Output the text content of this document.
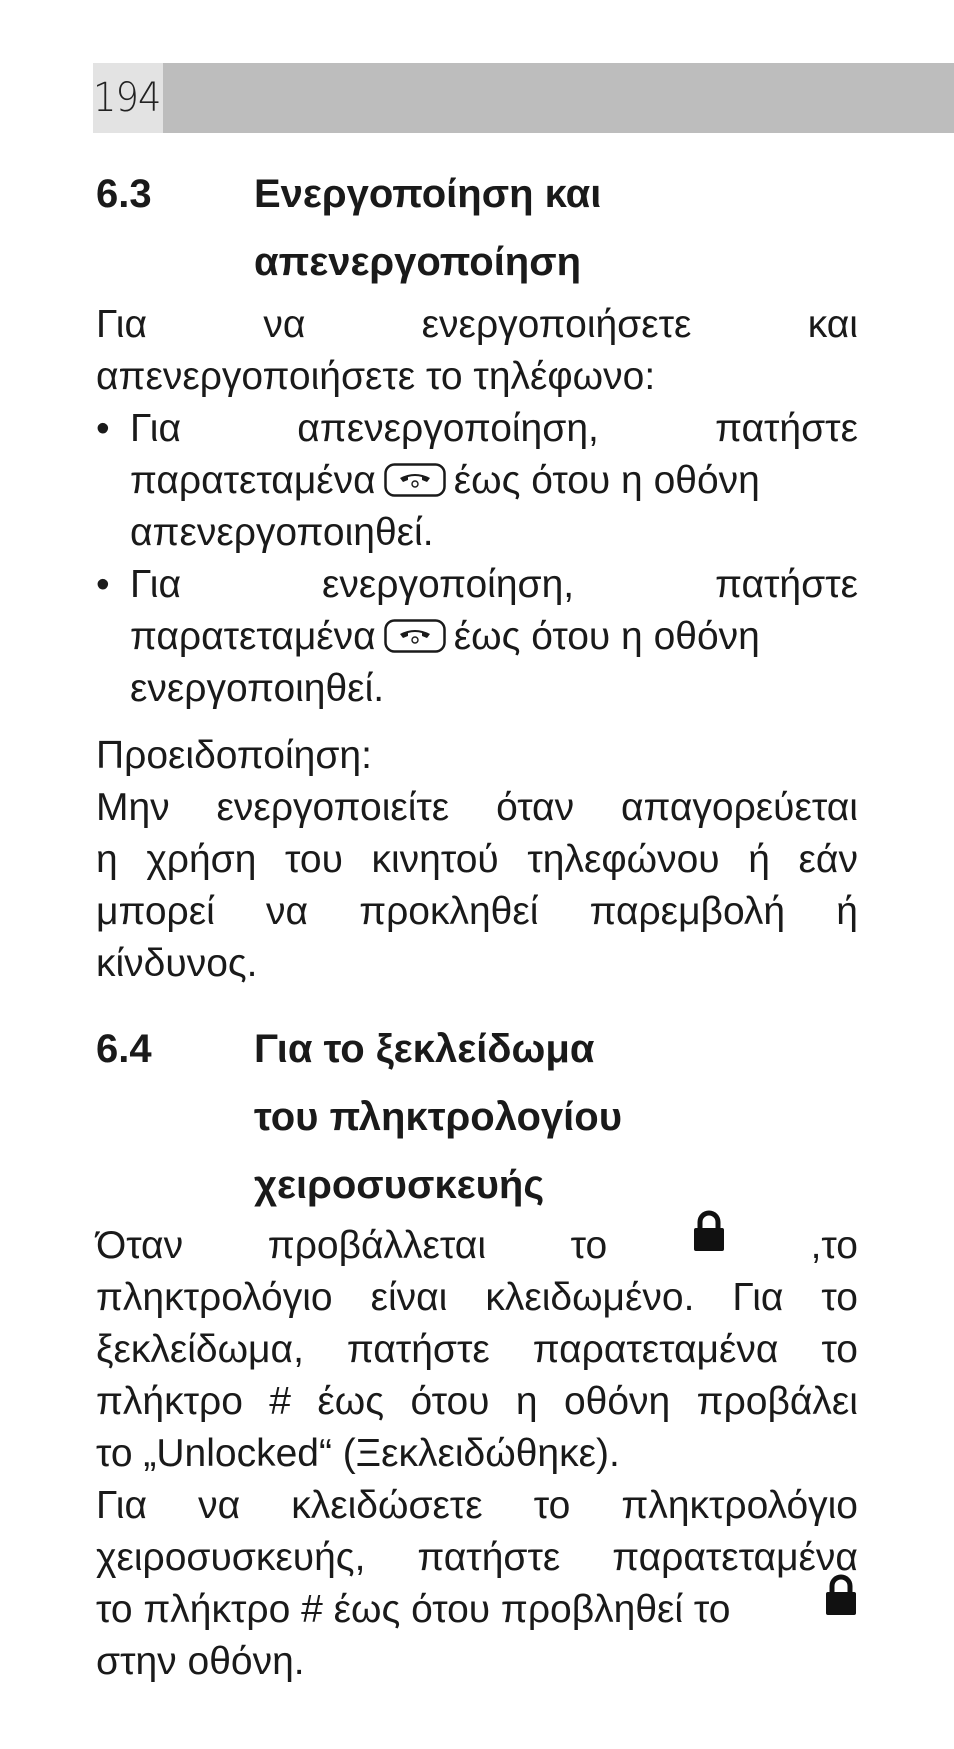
194
6.3	Ενεργοποίηση και
απενεργοποίηση
Για	να	ενεργοποιήσετε	και
απενεργοποιήσετε το τηλέφωνο:
• Για	απενεργοποίηση,	πατήστε
παρατεταμένα έως ότου η οθόνη
απενεργοποιηθεί.
• Για	ενεργοποίηση,	πατήστε
παρατεταμένα έως ότου η οθόνη
ενεργοποιηθεί.
Προειδοποίηση:
Μην ενεργοποιείτε όταν απαγορεύεται
η χρήση του κινητού τηλεφώνου ή εάν
μπορεί να προκληθεί παρεμβολή ή
κίνδυνος.
6.4	Για το ξεκλείδωμα
του πληκτρολογίου
χειροσυσκευής
Όταν προβάλλεται το	,το
πληκτρολόγιο είναι κλειδωμένο. Για το
ξεκλείδωμα, πατήστε παρατεταμένα το
πλήκτρο # έως ότου η οθόνη προβάλει
το „Unlocked“ (Ξεκλειδώθηκε).
Για να κλειδώσετε το πληκτρολόγιο
χειροσυσκευής, πατήστε παρατεταμένα
το πλήκτρο # έως ότου προβληθεί το
στην οθόνη.
